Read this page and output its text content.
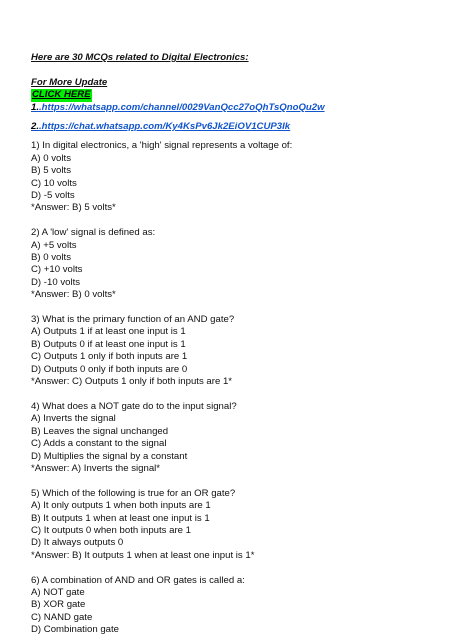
Here are 30 MCQs related to Digital Electronics:

For More Update

CLICK HERE

1..https://whatsapp.com/channel/0029VanQcc27oQhTsQnoQu2w

2..https://chat.whatsapp.com/Ky4KsPv6Jk2EiOV1CUP3Ik

1) In digital electronics, a 'high' signal represents a voltage of:

A) 0 volts

B) 5 volts

C) 10 volts

D) -5 volts

*Answer: B) 5 volts*

2) A 'low' signal is defined as:

A) +5 volts

B) 0 volts

C) +10 volts

D) -10 volts

*Answer: B) 0 volts*

3) What is the primary function of an AND gate?

A) Outputs 1 if at least one input is 1

B) Outputs 0 if at least one input is 1

C) Outputs 1 only if both inputs are 1

D) Outputs 0 only if both inputs are 0

*Answer: C) Outputs 1 only if both inputs are 1*

4) What does a NOT gate do to the input signal?

A) Inverts the signal

B) Leaves the signal unchanged

C) Adds a constant to the signal

D) Multiplies the signal by a constant

*Answer: A) Inverts the signal*

5) Which of the following is true for an OR gate?

A) It only outputs 1 when both inputs are 1

B) It outputs 1 when at least one input is 1

C) It outputs 0 when both inputs are 1

D) It always outputs 0

*Answer: B) It outputs 1 when at least one input is 1*

6) A combination of AND and OR gates is called a:

A) NOT gate

B) XOR gate

C) NAND gate

D) Combination gate
